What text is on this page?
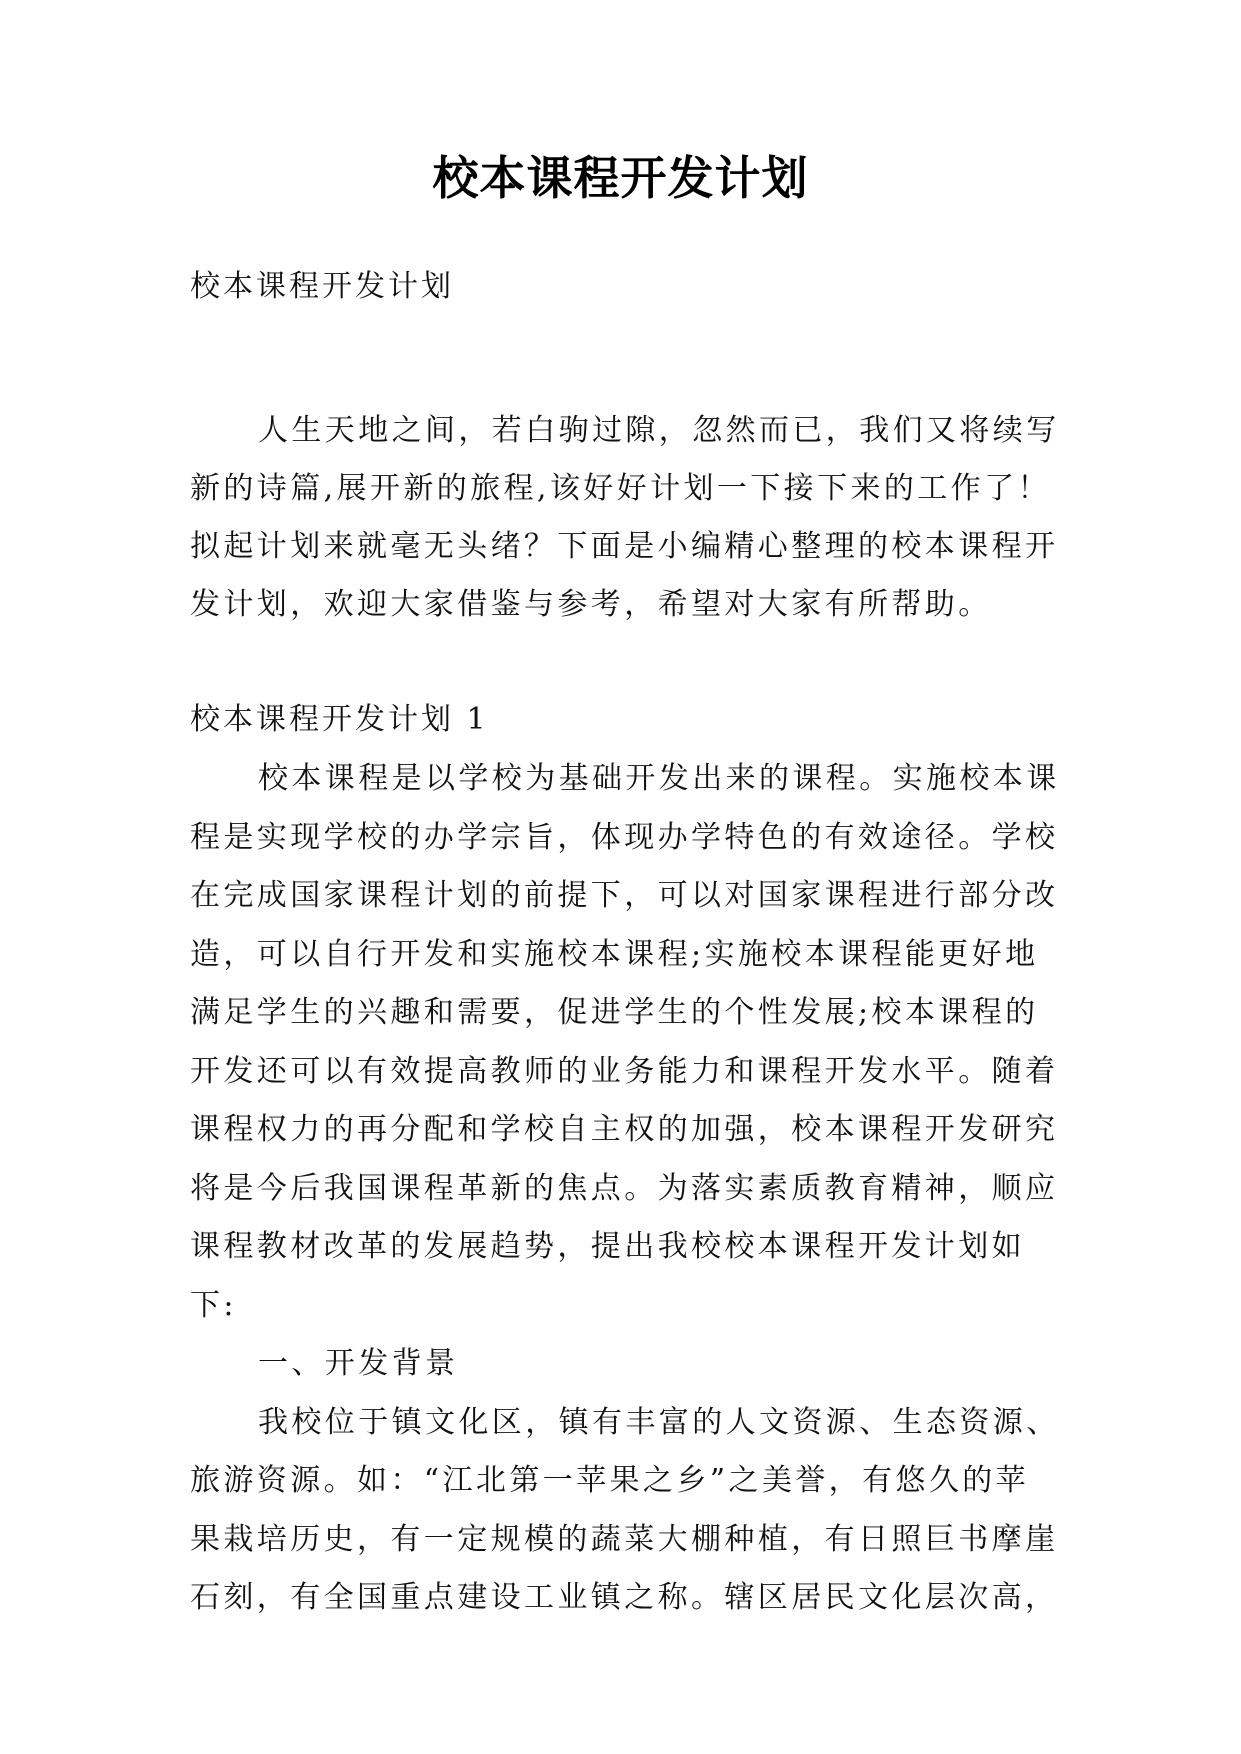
校本课程开发计划
校本课程开发计划

人生天地之间，若白驹过隙，忽然而已，我们又将续写新的诗篇,展开新的旅程,该好好计划一下接下来的工作了！拟起计划来就毫无头绪？下面是小编精心整理的校本课程开发计划，欢迎大家借鉴与参考，希望对大家有所帮助。

校本课程开发计划 1

校本课程是以学校为基础开发出来的课程。实施校本课程是实现学校的办学宗旨，体现办学特色的有效途径。学校在完成国家课程计划的前提下，可以对国家课程进行部分改造，可以自行开发和实施校本课程;实施校本课程能更好地满足学生的兴趣和需要，促进学生的个性发展;校本课程的开发还可以有效提高教师的业务能力和课程开发水平。随着课程权力的再分配和学校自主权的加强，校本课程开发研究将是今后我国课程革新的焦点。为落实素质教育精神，顺应课程教材改革的发展趋势，提出我校校本课程开发计划如下:

一、开发背景

我校位于镇文化区，镇有丰富的人文资源、生态资源、旅游资源。如：“江北第一苹果之乡”之美誉，有悠久的苹果栽培历史，有一定规模的蔬菜大棚种植，有日照巨书摩崖石刻，有全国重点建设工业镇之称。辖区居民文化层次高，
